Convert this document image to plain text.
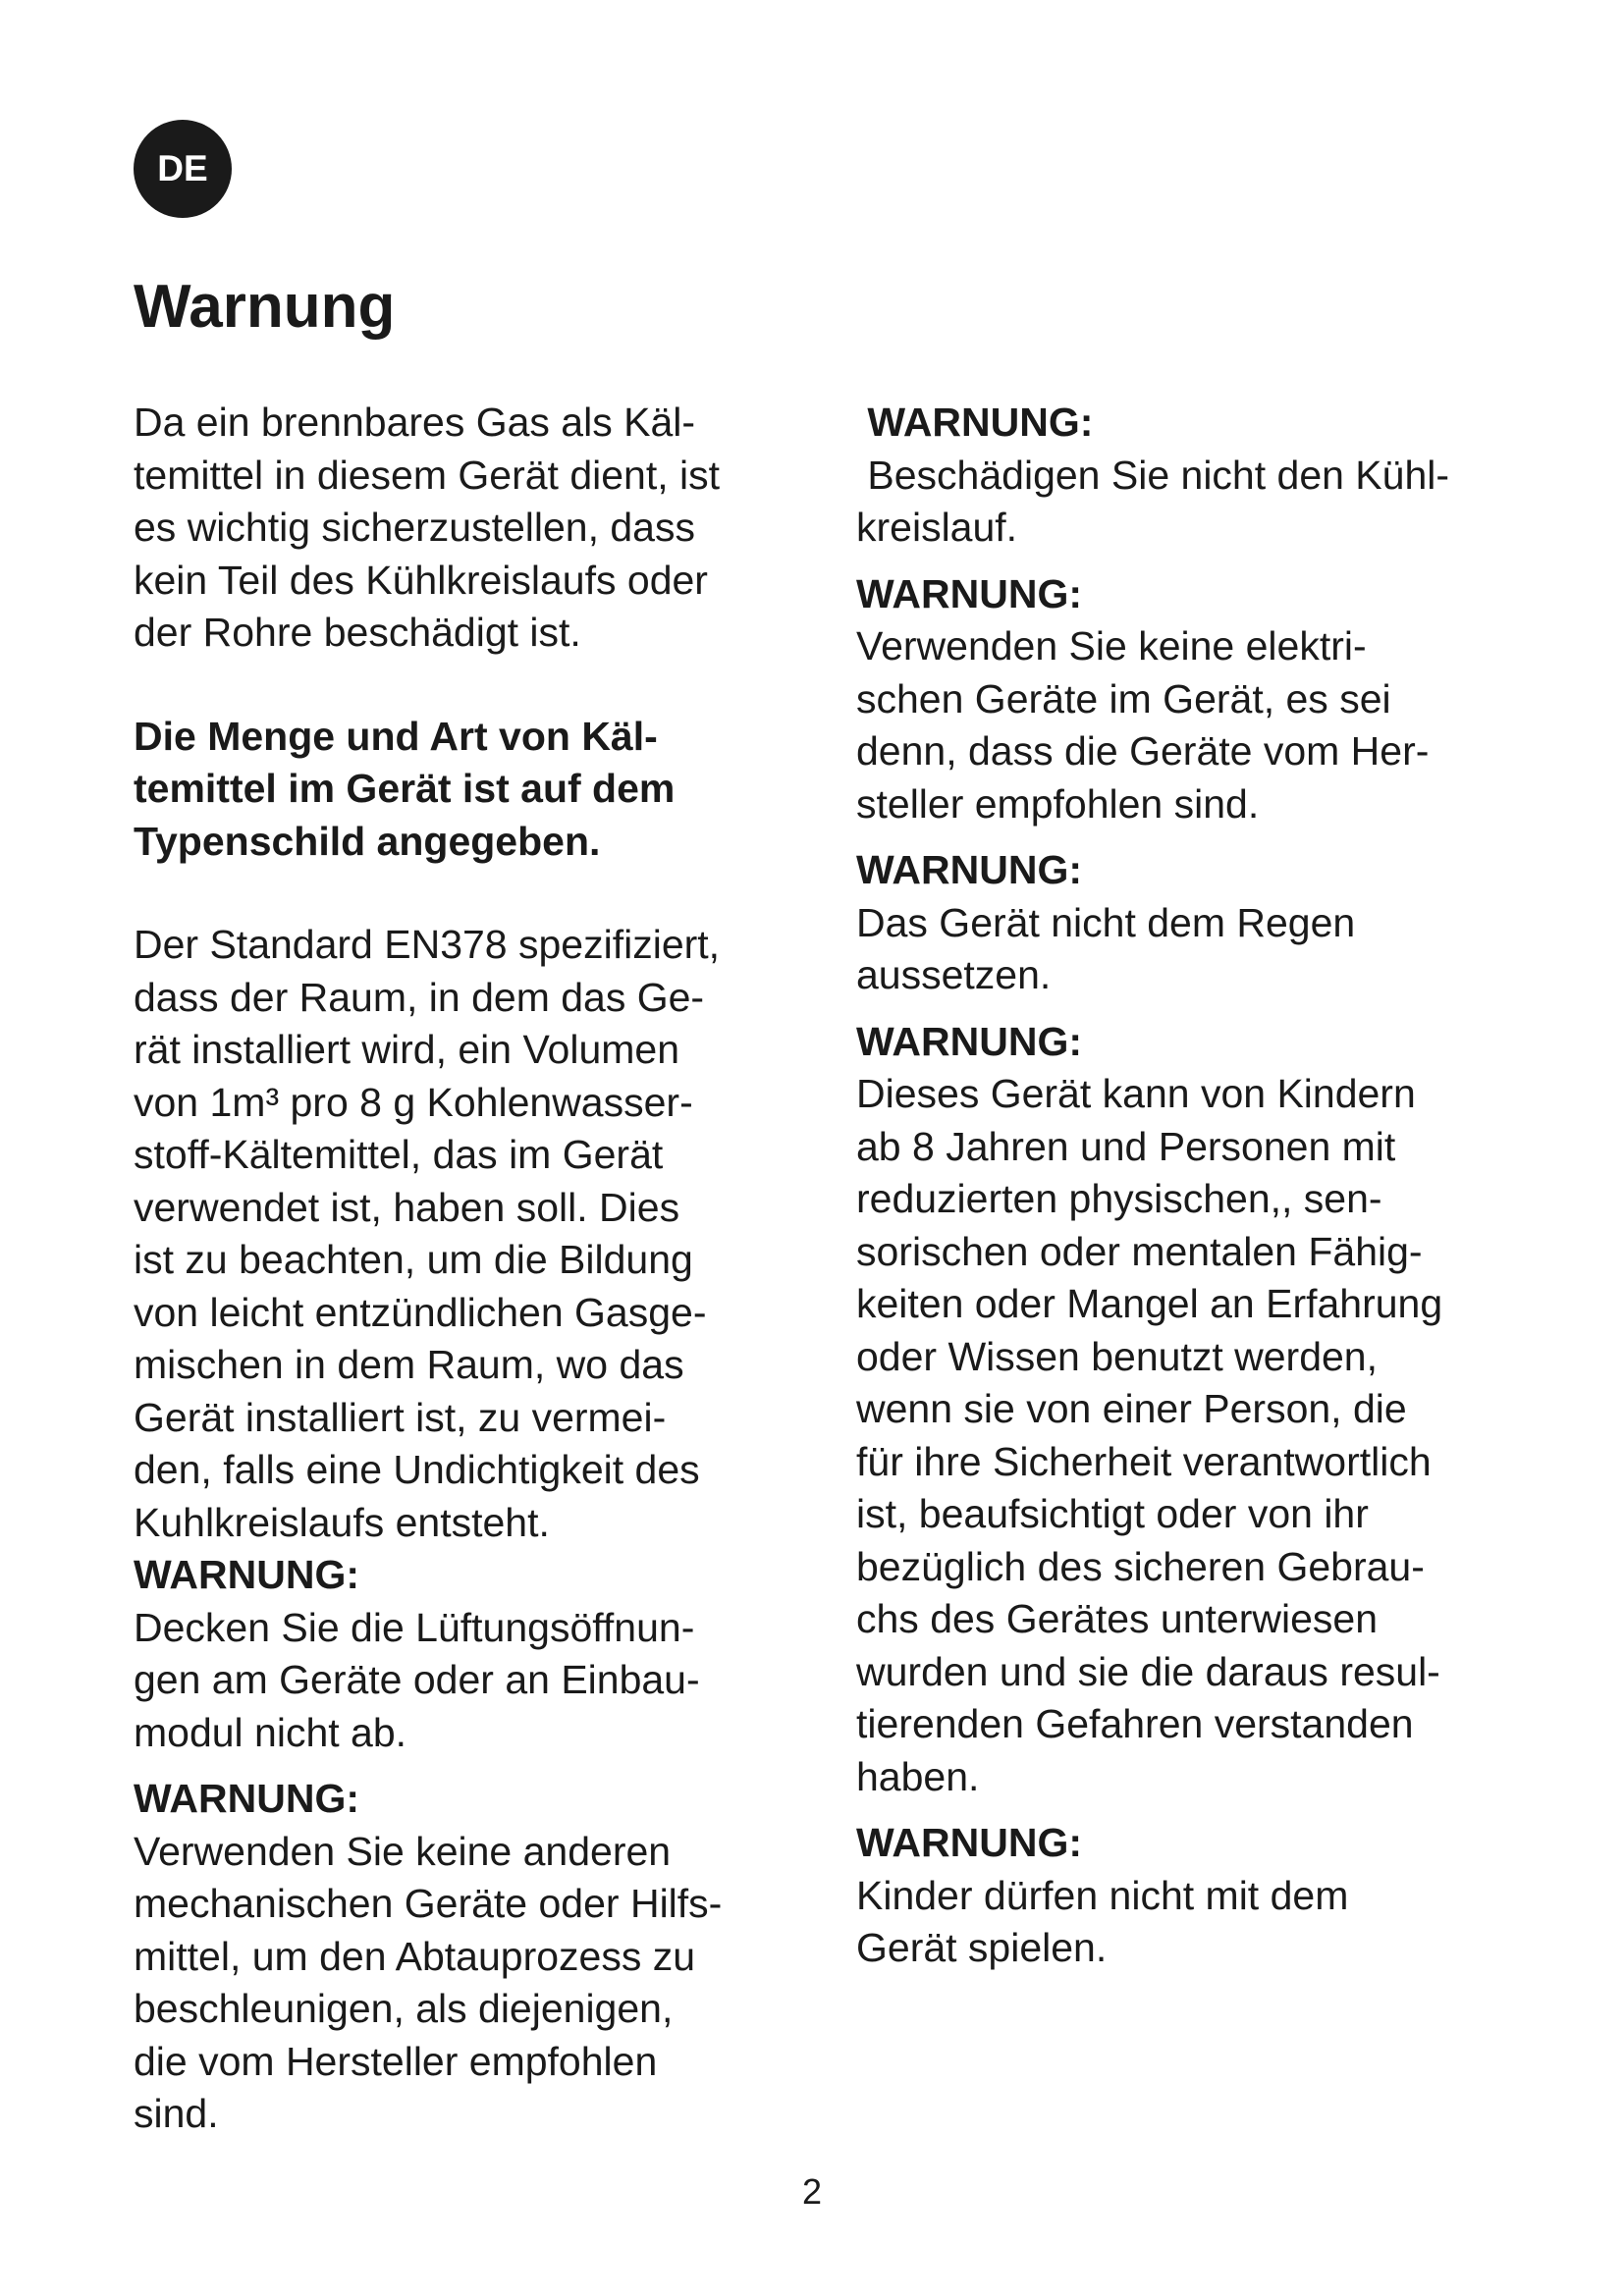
DE
Warnung

Da ein brennbares Gas als Käl-
temittel in diesem Gerät dient, ist
es wichtig sicherzustellen, dass
kein Teil des Kühlkreislaufs oder
der Rohre beschädigt ist.

Die Menge und Art von Käl-
temittel im Gerät ist auf dem
Typenschild angegeben.

Der Standard EN378 spezifiziert,
dass der Raum, in dem das Ge-
rät installiert wird, ein Volumen
von 1m³ pro 8 g Kohlenwasser-
stoff-Kältemittel, das im Gerät
verwendet ist, haben soll. Dies
ist zu beachten, um die Bildung
von leicht entzündlichen Gasge-
mischen in dem Raum, wo das
Gerät installiert ist, zu vermei-
den, falls eine Undichtigkeit des
Kuhlkreislaufs entsteht.

WARNUNG:

Decken Sie die Lüftungsöffnun-
gen am Geräte oder an Einbau-
modul nicht ab.

WARNUNG:

Verwenden Sie keine anderen
mechanischen Geräte oder Hilfs-
mittel, um den Abtauprozess zu
beschleunigen, als diejenigen,
die vom Hersteller empfohlen
sind.

WARNUNG:

Beschädigen Sie nicht den Kühl-
kreislauf.

WARNUNG:

Verwenden Sie keine elektri-
schen Geräte im Gerät, es sei
denn, dass die Geräte vom Her-
steller empfohlen sind.

WARNUNG:

Das Gerät nicht dem Regen
aussetzen.

WARNUNG:

Dieses Gerät kann von Kindern
ab 8 Jahren und Personen mit
reduzierten physischen,, sen-
sorischen oder mentalen Fähig-
keiten oder Mangel an Erfahrung
oder Wissen benutzt werden,
wenn sie von einer Person, die
für ihre Sicherheit verantwortlich
ist, beaufsichtigt oder von ihr
bezüglich des sicheren Gebrau-
chs des Gerätes unterwiesen
wurden und sie die daraus resul-
tierenden Gefahren verstanden
haben.

WARNUNG:

Kinder dürfen nicht mit dem
Gerät spielen.

2
